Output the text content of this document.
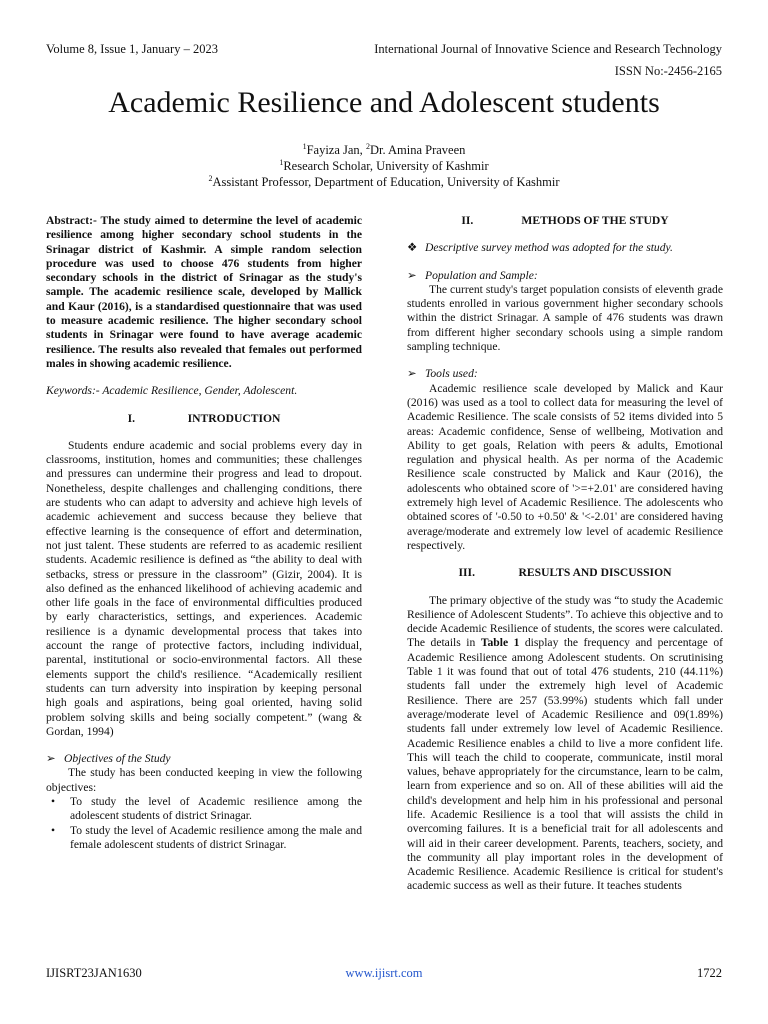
Volume 8, Issue 1, January – 2023	International Journal of Innovative Science and Research Technology
ISSN No:-2456-2165
Academic Resilience and Adolescent students
$^1$Fayiza Jan, $^2$Dr. Amina Praveen
$^1$Research Scholar, University of Kashmir
$^2$Assistant Professor, Department of Education, University of Kashmir

Abstract:- The study aimed to determine the level of academic resilience among higher secondary school students in the Srinagar district of Kashmir. A simple random selection procedure was used to choose 476 students from higher secondary schools in the district of Srinagar as the study's sample. The academic resilience scale, developed by Mallick and Kaur (2016), is a standardised questionnaire that was used to measure academic resilience. The higher secondary school students in Srinagar were found to have average academic resilience. The results also revealed that females out performed males in showing academic resilience.

Keywords:- Academic Resilience, Gender, Adolescent.

I.	INTRODUCTION

Students endure academic and social problems every day in classrooms, institution, homes and communities; these challenges and pressures can undermine their progress and lead to dropout. Nonetheless, despite challenges and challenging conditions, there are students who can adapt to adversity and achieve high levels of academic achievement and success because they believe that effective learning is the consequence of effort and determination, not just talent. These students are referred to as academic resilient students. Academic resilience is defined as “the ability to deal with setbacks, stress or pressure in the classroom” (Gizir, 2004). It is also defined as the enhanced likelihood of achieving academic and other life goals in the face of environmental difficulties produced by early characteristics, settings, and experiences. Academic resilience is a dynamic developmental process that takes into account the range of protective factors, including individual, parental, institutional or socio-environmental factors. All these elements support the child's resilience. “Academically resilient students can turn adversity into inspiration by keeping personal high goals and aspirations, being goal oriented, having solid problem solving skills and being socially competent.” (wang & Gordan, 1994)

➢ Objectives of the Study

The study has been conducted keeping in view the following objectives:

• To study the level of Academic resilience among the adolescent students of district Srinagar.
• To study the level of Academic resilience among the male and female adolescent students of district Srinagar.
II.	METHODS OF THE STUDY
❖ Descriptive survey method was adopted for the study.
➢ Population and Sample:

The current study's target population consists of eleventh grade students enrolled in various government higher secondary schools within the district Srinagar. A sample of 476 students was drawn from different higher secondary schools using a simple random sampling technique.

➢ Tools used:

Academic resilience scale developed by Malick and Kaur (2016) was used as a tool to collect data for measuring the level of Academic Resilience. The scale consists of 52 items divided into 5 areas: Academic confidence, Sense of wellbeing, Motivation and Ability to get goals, Relation with peers & adults, Emotional regulation and physical health. As per norma of the Academic Resilience scale constructed by Malick and Kaur (2016), the adolescents who obtained score of '>=+2.01' are considered having extremely high level of Academic Resilience. The adolescents who obtained scores of '-0.50 to +0.50' & '<-2.01' are considered having average/moderate and extremely low level of academic Resilience respectively.

III.	RESULTS AND DISCUSSION

The primary objective of the study was “to study the Academic Resilience of Adolescent Students”. To achieve this objective and to decide Academic Resilience of students, the scores were calculated. The details in Table 1 display the frequency and percentage of Academic Resilience among Adolescent students. On scrutinising Table 1 it was found that out of total 476 students, 210 (44.11%) students fall under the extremely high level of Academic Resilience. There are 257 (53.99%) students which fall under average/moderate level of Academic Resilience and 09(1.89%) students fall under extremely low level of Academic Resilience. Academic Resilience enables a child to live a more confident life. This will teach the child to cooperate, communicate, instil moral values, behave appropriately for the circumstance, learn to be calm, learn from experience and so on. All of these abilities will aid the child's development and help him in his professional and personal life. Academic Resilience is a tool that will assists the child in overcoming failures. It is a beneficial trait for all adolescents and will aid in their career development. Parents, teachers, society, and the community all play important roles in the development of Academic Resilience. Academic Resilience is critical for student's academic success as well as their future. It teaches students

IJISRT23JAN1630	www.ijisrt.com	1722
